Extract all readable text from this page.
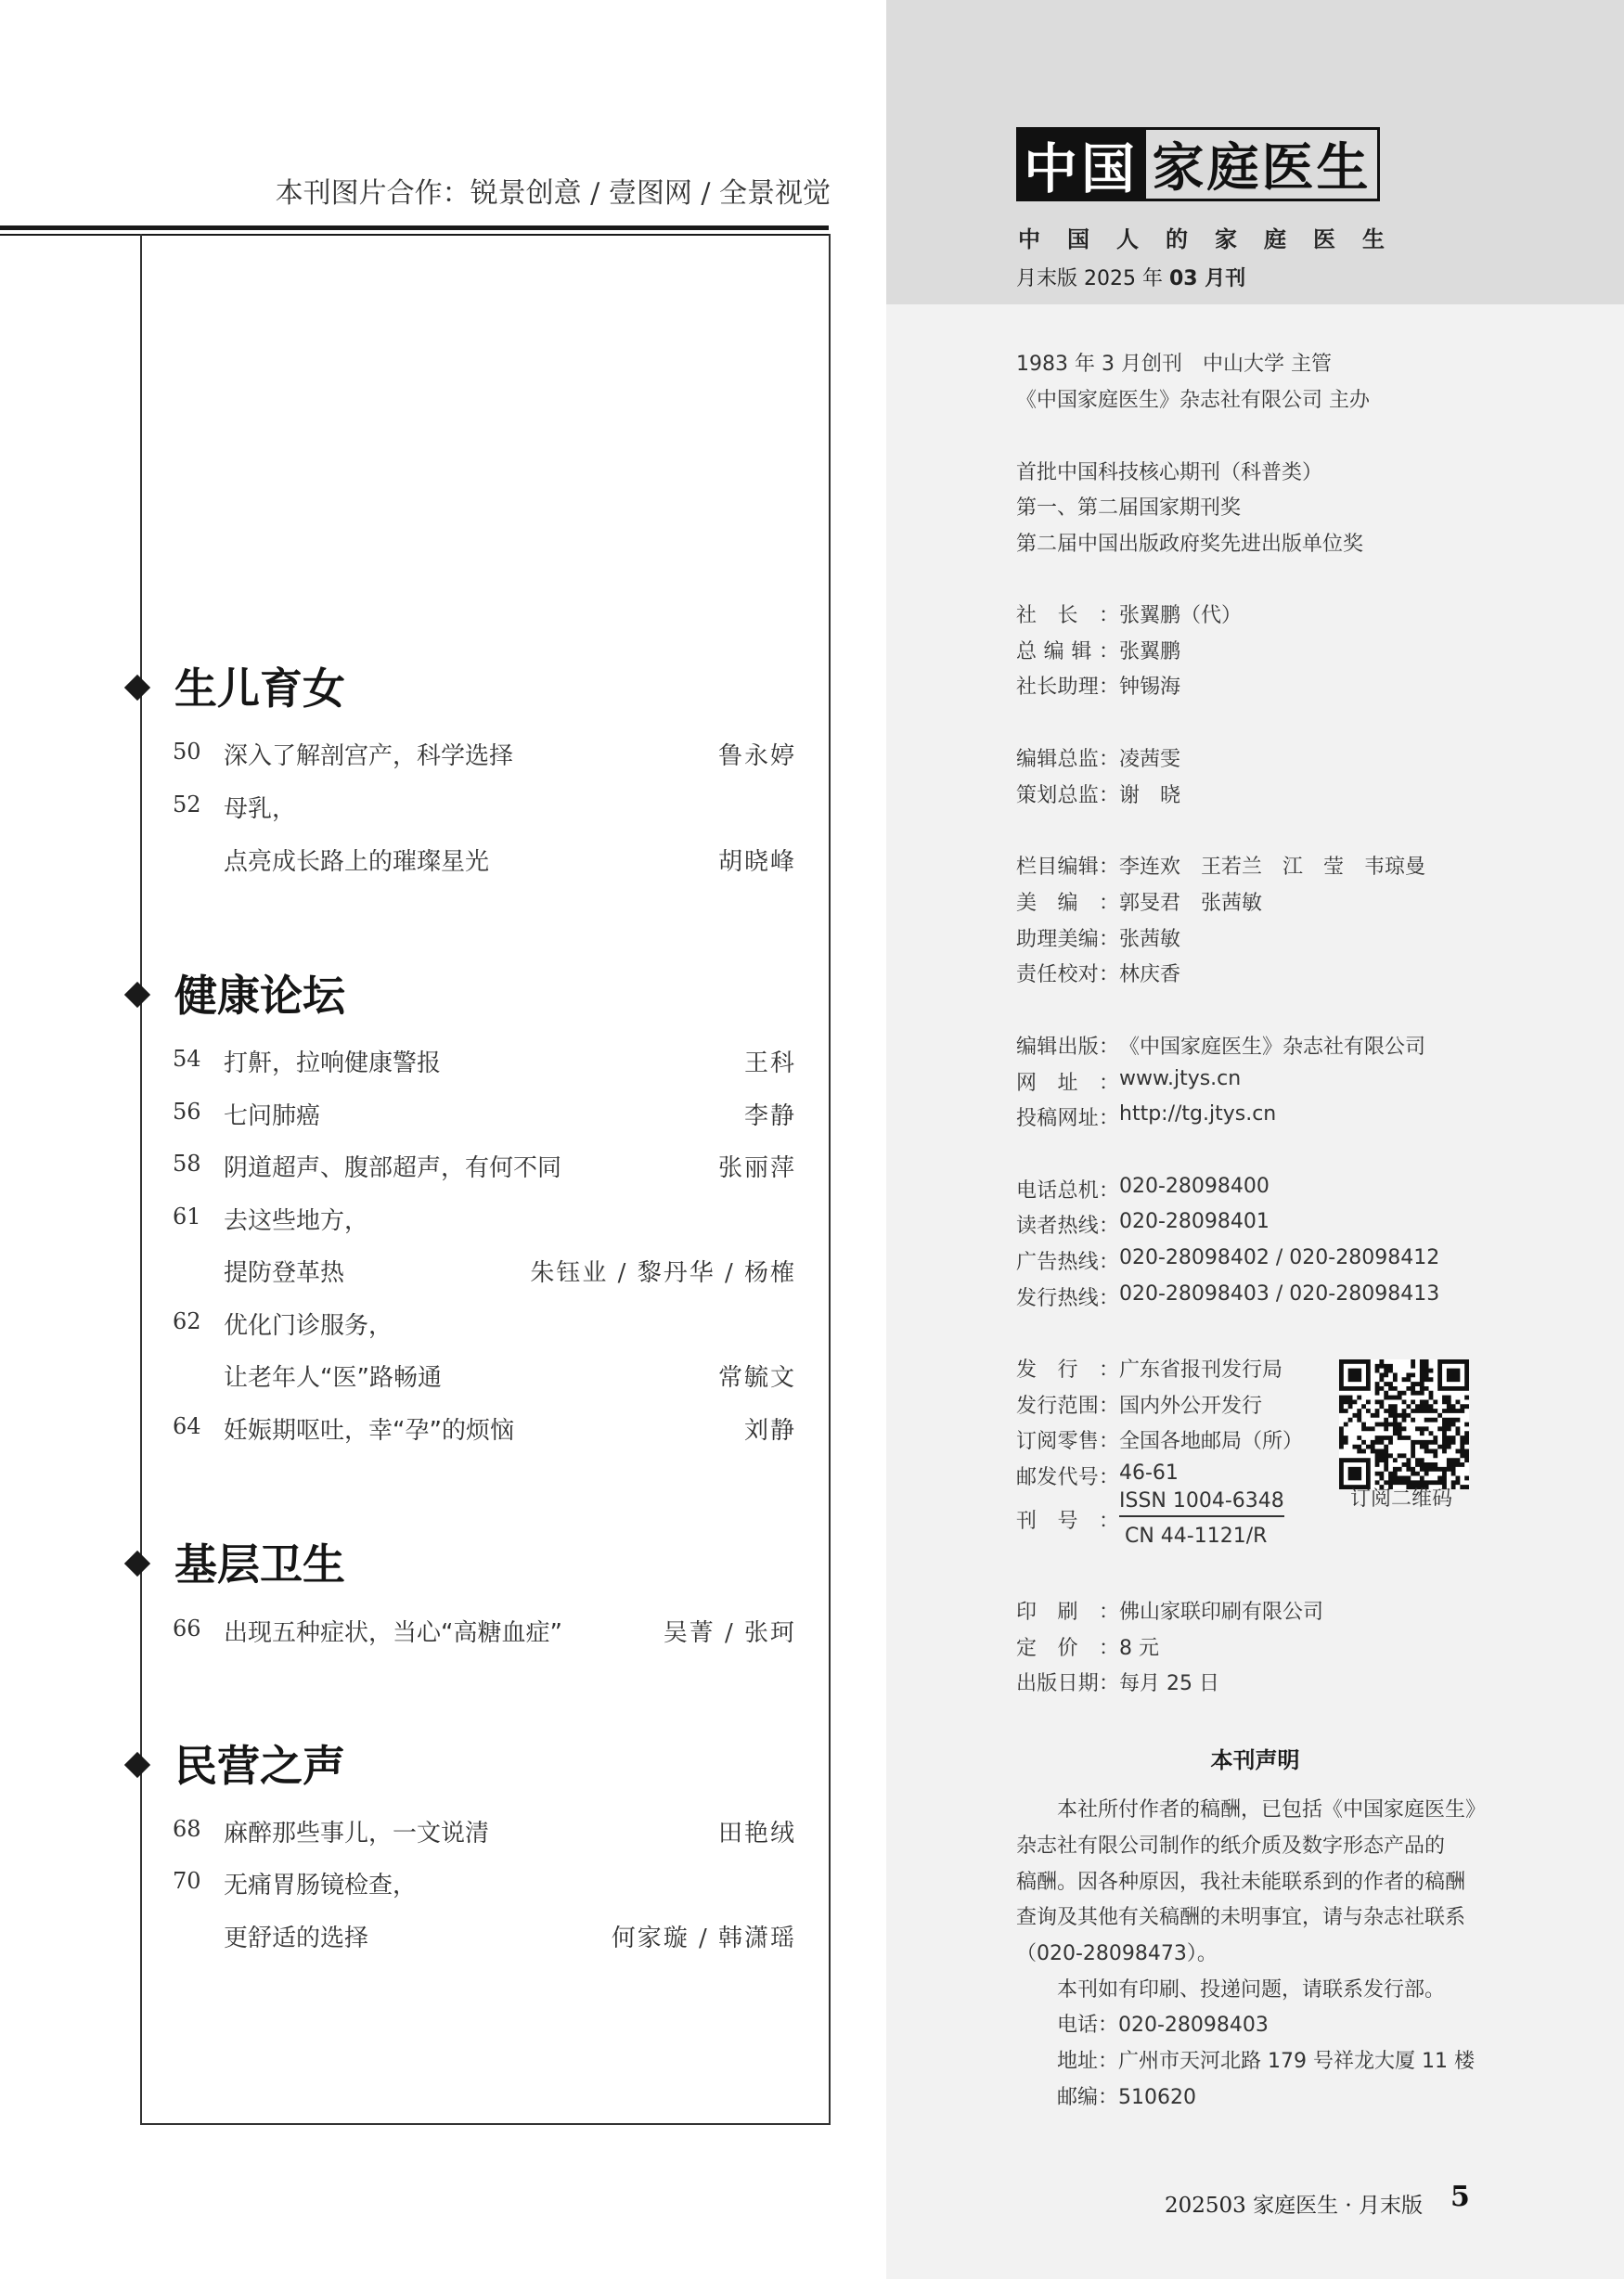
本刊图片合作：锐景创意 / 壹图网 / 全景视觉
生儿育女
50 深入了解剖宫产，科学选择	鲁永婷
52 母乳，
点亮成长路上的璀璨星光	胡晓峰
健康论坛
54 打鼾，拉响健康警报	王科
56 七问肺癌	李静
58 阴道超声、腹部超声，有何不同	张丽萍
61 去这些地方，
提防登革热	朱钰业 / 黎丹华 / 杨榷
62 优化门诊服务，
让老年人“医”路畅通	常毓文
64 妊娠期呕吐，幸“孕”的烦恼	刘静
基层卫生
66 出现五种症状，当心“高糖血症”	吴菁 / 张珂
民营之声
68 麻醉那些事儿，一文说清	田艳绒
70 无痛胃肠镜检查，
更舒适的选择	何家璇 / 韩潇瑶
中国 家庭医生
中国人的家庭医生
月末版 2025 年 03 月刊
1983 年 3 月创刊　中山大学 主管
《中国家庭医生》杂志社有限公司 主办
首批中国科技核心期刊（科普类）
第一、第二届国家期刊奖
第二届中国出版政府奖先进出版单位奖
社长： 张翼鹏（代）
总编辑： 张翼鹏
社长助理： 钟锡海
编辑总监： 凌茜雯
策划总监： 谢　晓
栏目编辑： 李连欢　王若兰　江　莹　韦琼曼
美编： 郭旻君　张茜敏
助理美编： 张茜敏
责任校对： 林庆香
编辑出版： 《中国家庭医生》杂志社有限公司
网址： www.jtys.cn
投稿网址： http://tg.jtys.cn
电话总机： 020-28098400
读者热线： 020-28098401
广告热线： 020-28098402 / 020-28098412
发行热线： 020-28098403 / 020-28098413
发行： 广东省报刊发行局
发行范围： 国内外公开发行
订阅零售： 全国各地邮局（所）
邮发代号： 46-61
刊号：
ISSN 1004-6348
CN 44-1121/R
订阅二维码
印刷： 佛山家联印刷有限公司
定价： 8 元
出版日期： 每月 25 日
本刊声明
　　本社所付作者的稿酬，已包括《中国家庭医生》
杂志社有限公司制作的纸介质及数字形态产品的
稿酬。因各种原因，我社未能联系到的作者的稿酬
查询及其他有关稿酬的未明事宜，请与杂志社联系
（020-28098473）。
　　本刊如有印刷、投递问题，请联系发行部。
　　电话：020-28098403
　　地址：广州市天河北路 179 号祥龙大厦 11 楼
　　邮编：510620
202503 家庭医生 · 月末版 5
